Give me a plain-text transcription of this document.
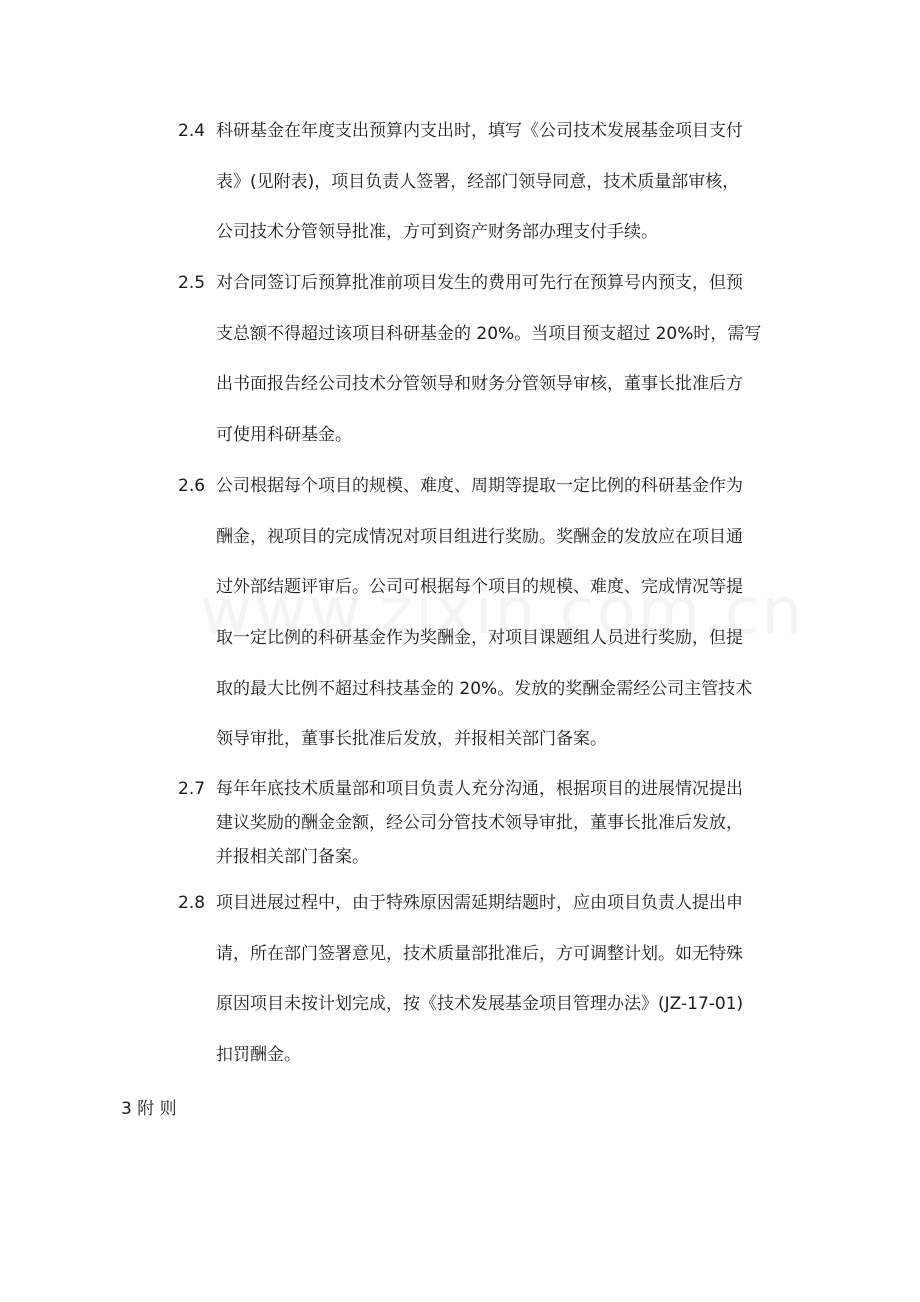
2.4 科研基金在年度支出预算内支出时，填写《公司技术发展基金项目支付
表》(见附表)，项目负责人签署，经部门领导同意，技术质量部审核，
公司技术分管领导批准，方可到资产财务部办理支付手续。
2.5 对合同签订后预算批准前项目发生的费用可先行在预算号内预支，但预
支总额不得超过该项目科研基金的 20%。当项目预支超过 20%时，需写
出书面报告经公司技术分管领导和财务分管领导审核，董事长批准后方
可使用科研基金。
2.6 公司根据每个项目的规模、难度、周期等提取一定比例的科研基金作为
酬金，视项目的完成情况对项目组进行奖励。奖酬金的发放应在项目通
过外部结题评审后。公司可根据每个项目的规模、难度、完成情况等提
取一定比例的科研基金作为奖酬金，对项目课题组人员进行奖励，但提
取的最大比例不超过科技基金的 20%。发放的奖酬金需经公司主管技术
领导审批，董事长批准后发放，并报相关部门备案。
2.7 每年年底技术质量部和项目负责人充分沟通，根据项目的进展情况提出
建议奖励的酬金金额，经公司分管技术领导审批，董事长批准后发放，
并报相关部门备案。
2.8 项目进展过程中，由于特殊原因需延期结题时，应由项目负责人提出申
请，所在部门签署意见，技术质量部批准后，方可调整计划。如无特殊
原因项目未按计划完成，按《技术发展基金项目管理办法》(JZ-17-01)
扣罚酬金。
3 附 则
